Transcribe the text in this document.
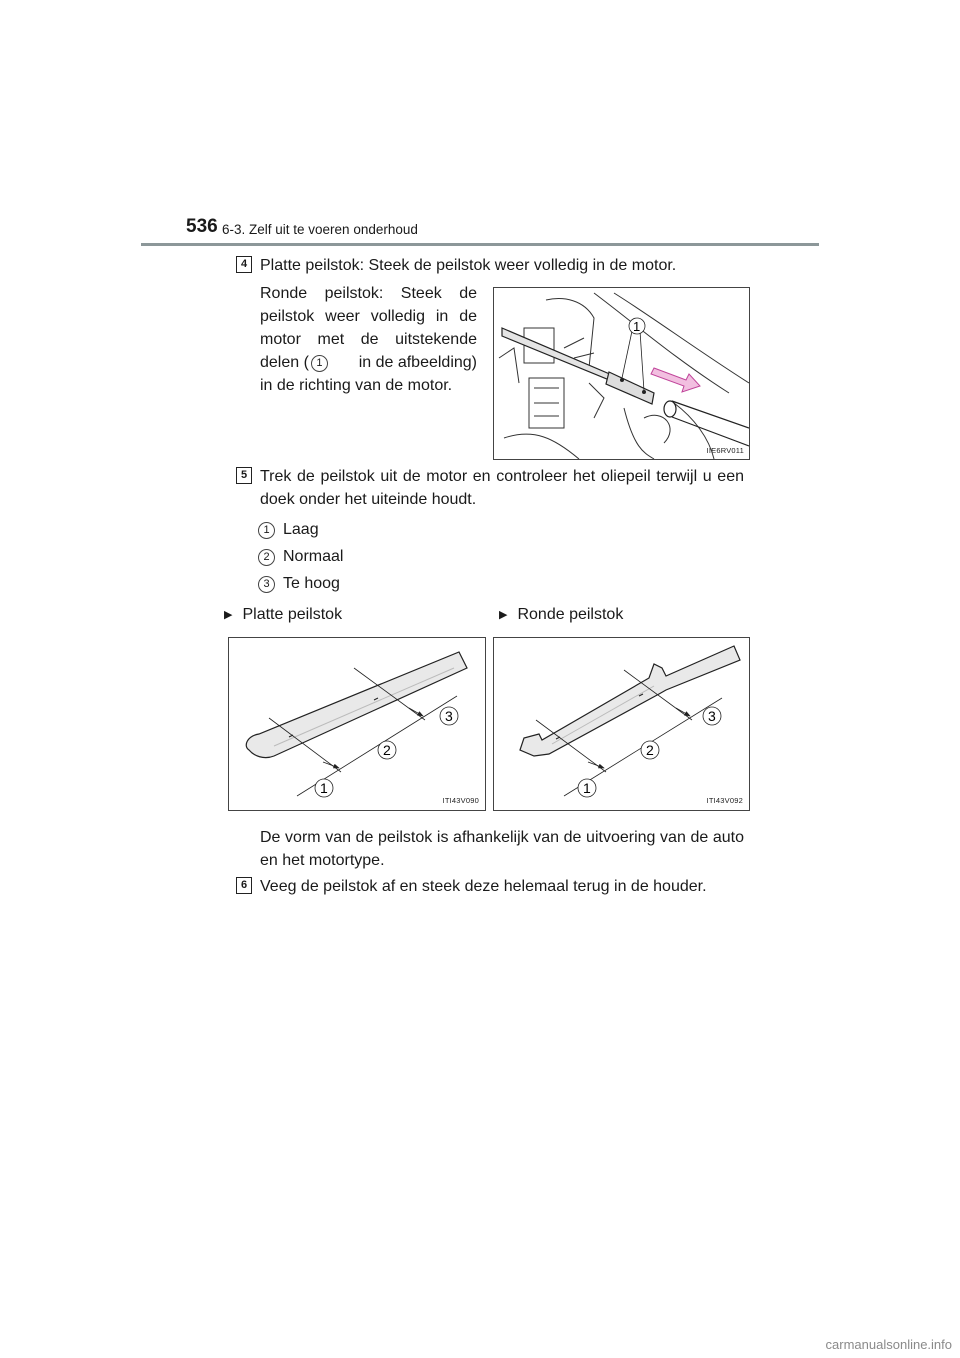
536 6-3. Zelf uit te voeren onderhoud
4 Platte peilstok: Steek de peilstok weer volledig in de motor.
Ronde peilstok: Steek de
peilstok weer volledig in de
motor met de uitstekende
delen ( 1	in de afbeelding)
in de richting van de motor.
1
IIE6RV011
5 Trek de peilstok uit de motor en controleer het oliepeil terwijl u een doek onder het uiteinde houdt.
1 Laag
2 Normaal
3 Te hoog
▶ Platte peilstok	▶ Ronde peilstok
1
2
3
ITI43V090
1
2
3
ITI43V092
De vorm van de peilstok is afhankelijk van de uitvoering van de auto en het motortype.
6 Veeg de peilstok af en steek deze helemaal terug in de houder.
carmanualsonline.info
